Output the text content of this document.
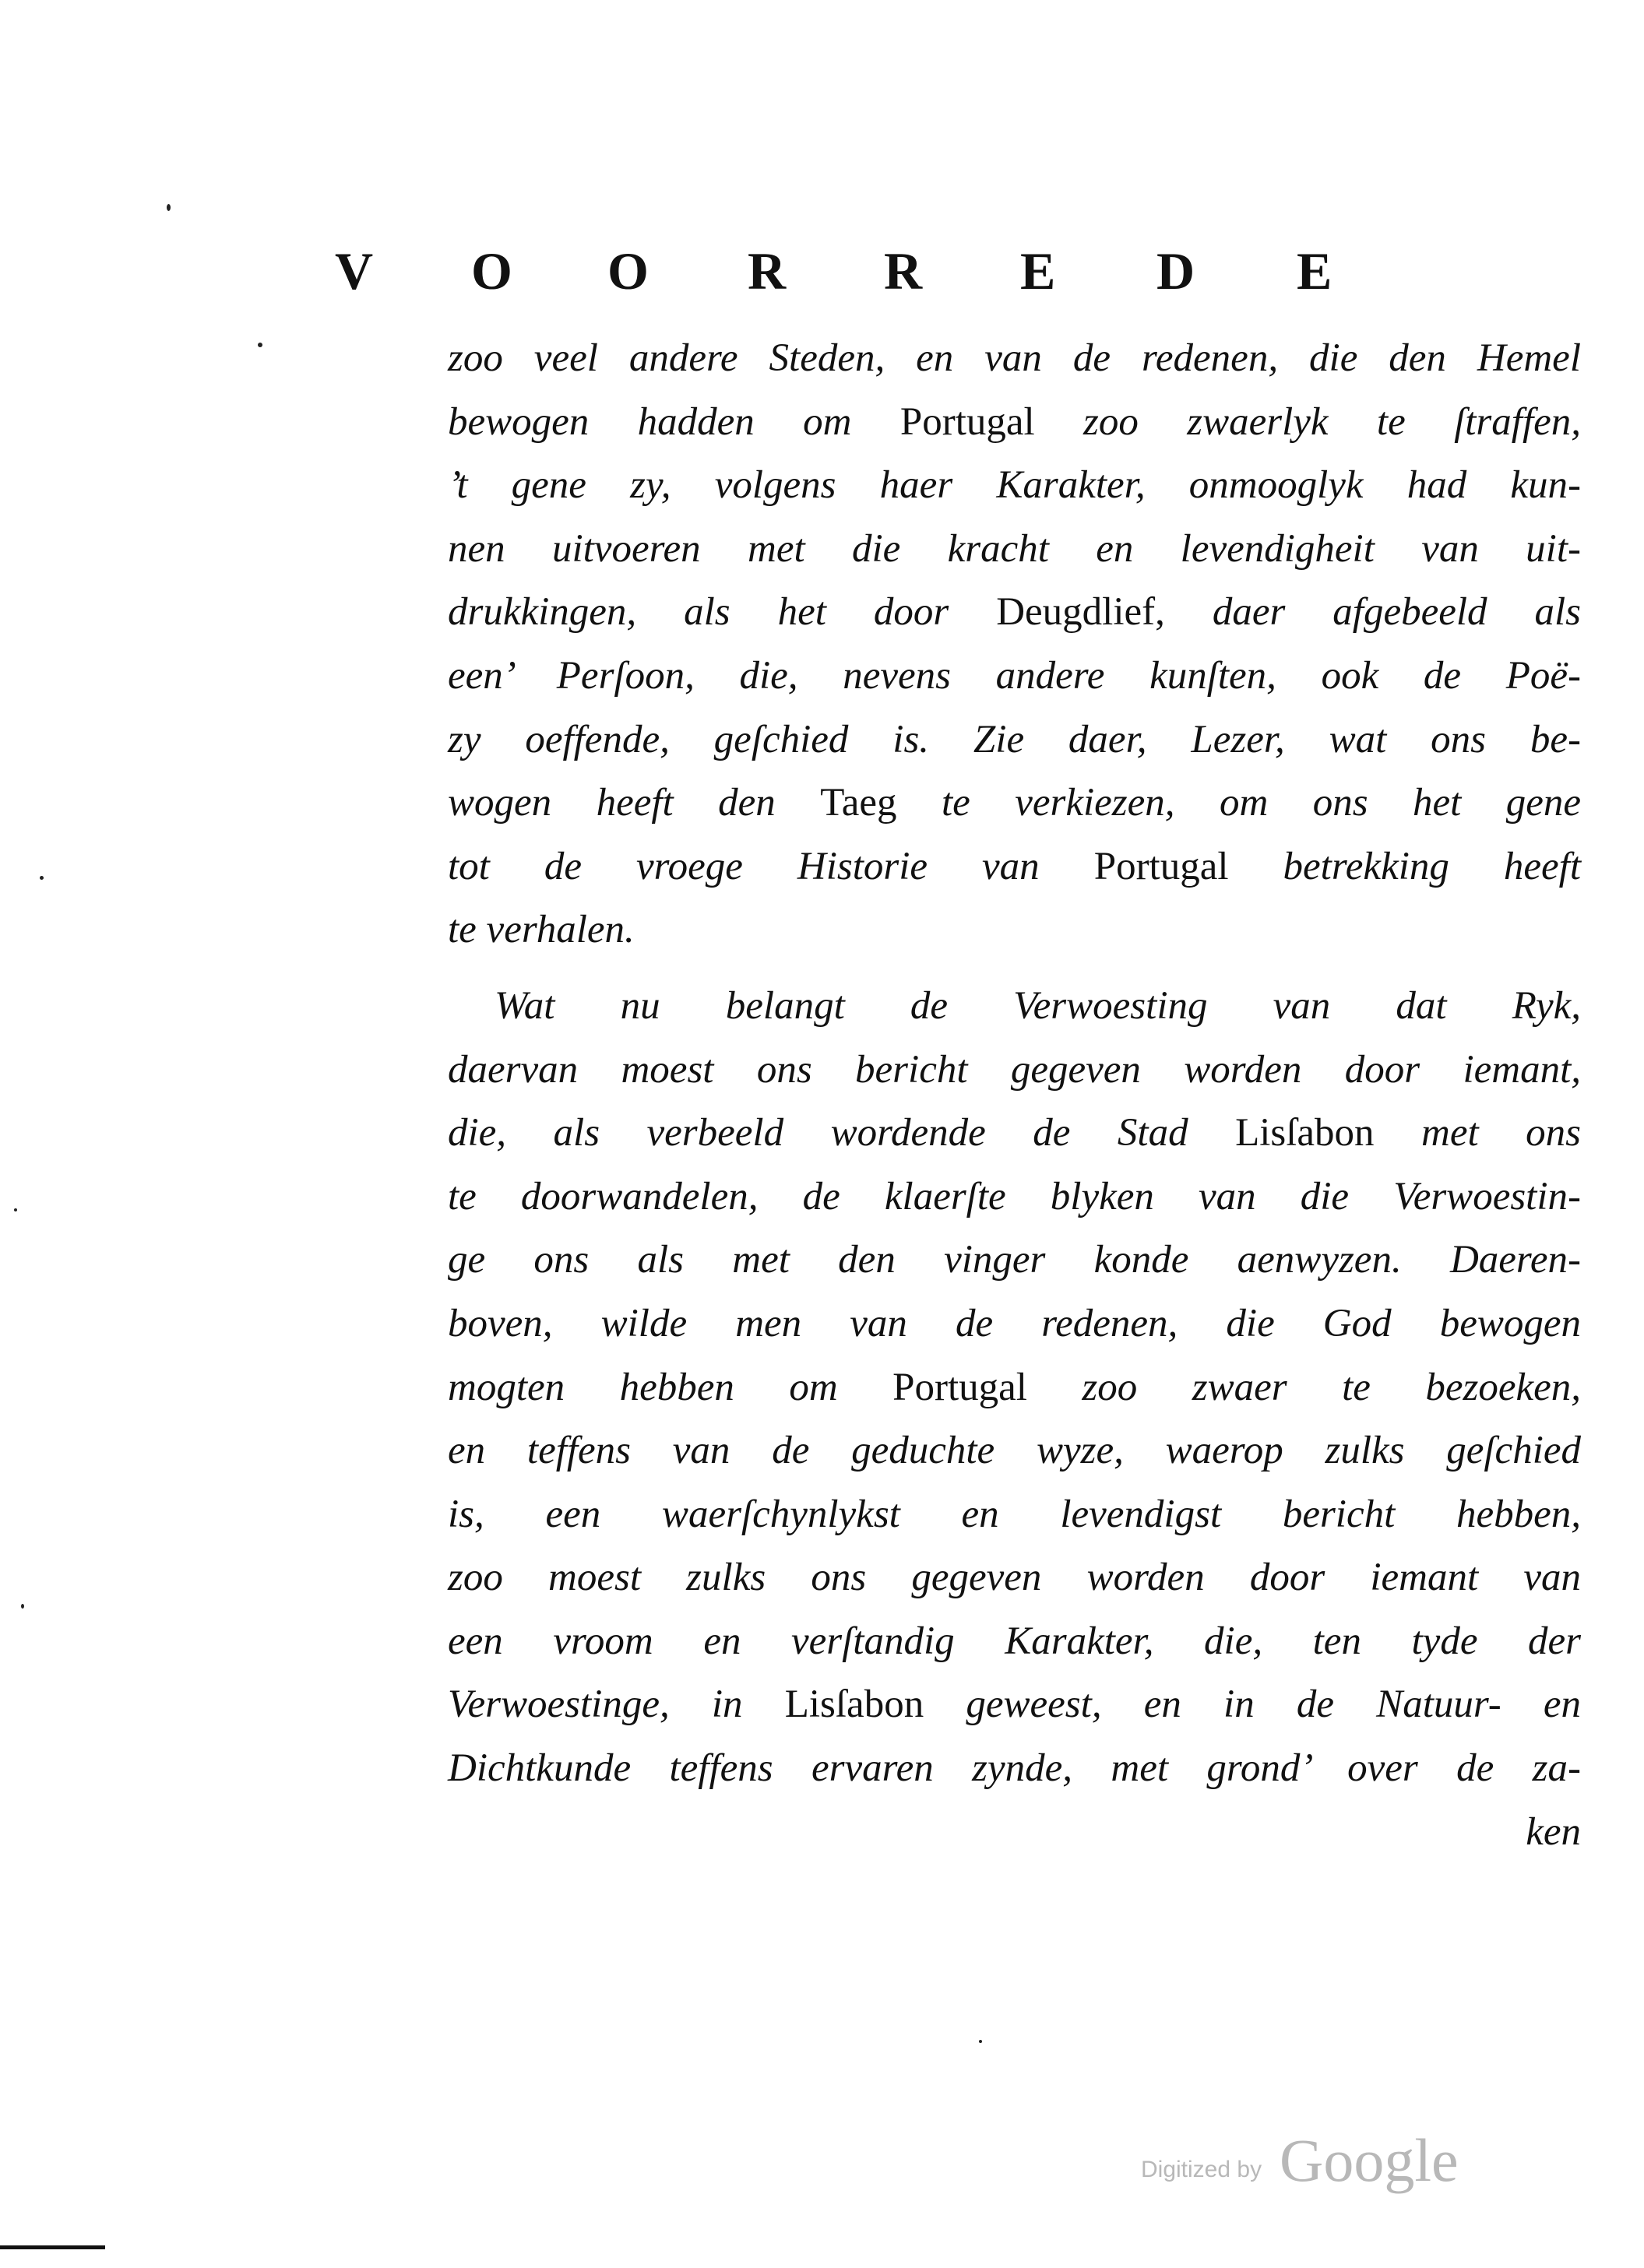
V O O R R E D E
zoo veel andere Steden, en van de redenen, die den Hemel
bewogen hadden om Portugal zoo zwaerlyk te ſtraffen,
’t gene zy, volgens haer Karakter, onmooglyk had kun-
nen uitvoeren met die kracht en levendigheit van uit-
drukkingen, als het door Deugdlief, daer afgebeeld als
een’ Perſoon, die, nevens andere kunſten, ook de Poë-
zy oeffende, geſchied is. Zie daer, Lezer, wat ons be-
wogen heeft den Taeg te verkiezen, om ons het gene
tot de vroege Historie van Portugal betrekking heeft
te verhalen.
Wat nu belangt de Verwoesting van dat Ryk,
daervan moest ons bericht gegeven worden door iemant,
die, als verbeeld wordende de Stad Lisſabon met ons
te doorwandelen, de klaerſte blyken van die Verwoestin-
ge ons als met den vinger konde aenwyzen. Daeren-
boven, wilde men van de redenen, die God bewogen
mogten hebben om Portugal zoo zwaer te bezoeken,
en teffens van de geduchte wyze, waerop zulks geſchied
is, een waerſchynlykst en levendigst bericht hebben,
zoo moest zulks ons gegeven worden door iemant van
een vroom en verſtandig Karakter, die, ten tyde der
Verwoestinge, in Lisſabon geweest, en in de Natuur- en
Dichtkunde teffens ervaren zynde, met grond’ over de za-
ken
Digitized by Google
